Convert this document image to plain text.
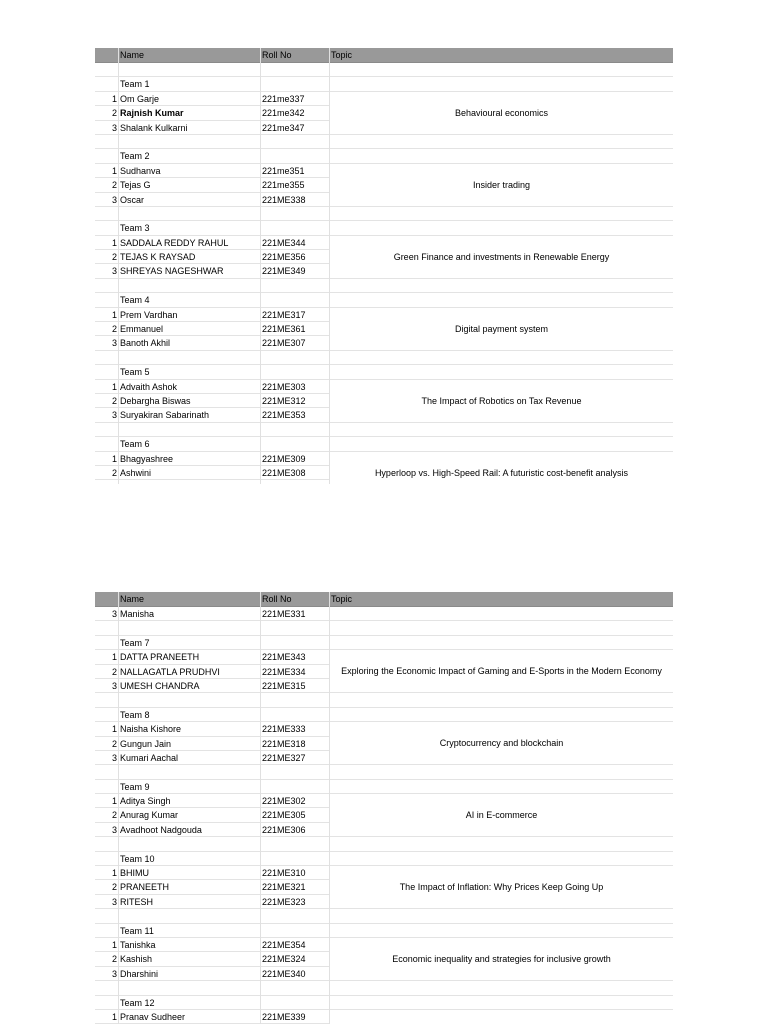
Name	Roll No	Topic
Team 1
1 Om Garje	221me337
2 Rajnish Kumar	221me342
3 Shalank Kulkarni	221me347
Behavioural economics
Team 2
1 Sudhanva	221me351
2 Tejas G	221me355
3 Oscar	221ME338
Insider trading
Team 3
1 SADDALA REDDY RAHUL	221ME344
2 TEJAS K RAYSAD	221ME356
3 SHREYAS NAGESHWAR	221ME349
Green Finance and investments in Renewable Energy
Team 4
1 Prem Vardhan	221ME317
2 Emmanuel	221ME361
3 Banoth Akhil	221ME307
Digital payment system
Team 5
1 Advaith Ashok	221ME303
2 Debargha Biswas	221ME312
3 Suryakiran Sabarinath	221ME353
The Impact of Robotics on Tax Revenue
Team 6
1 Bhagyashree	221ME309
2 Ashwini	221ME308	Hyperloop vs. High-Speed Rail: A futuristic cost-benefit analysis
Name	Roll No	Topic
3 Manisha	221ME331
Team 7
1 DATTA PRANEETH	221ME343
2 NALLAGATLA PRUDHVI	221ME334
3 UMESH CHANDRA	221ME315
Exploring the Economic Impact of Gaming and E-Sports in the Modern Economy
Team 8
1 Naisha Kishore	221ME333
2 Gungun Jain	221ME318
3 Kumari Aachal	221ME327
Cryptocurrency and blockchain
Team 9
1 Aditya Singh	221ME302
2 Anurag Kumar	221ME305
3 Avadhoot Nadgouda	221ME306
AI in E-commerce
Team 10
1 BHIMU	221ME310
2 PRANEETH	221ME321
3 RITESH	221ME323
The Impact of Inflation: Why Prices Keep Going Up
Team 11
1 Tanishka	221ME354
2 Kashish	221ME324
3 Dharshini	221ME340
Economic inequality and strategies for inclusive growth
Team 12
1 Pranav Sudheer	221ME339
